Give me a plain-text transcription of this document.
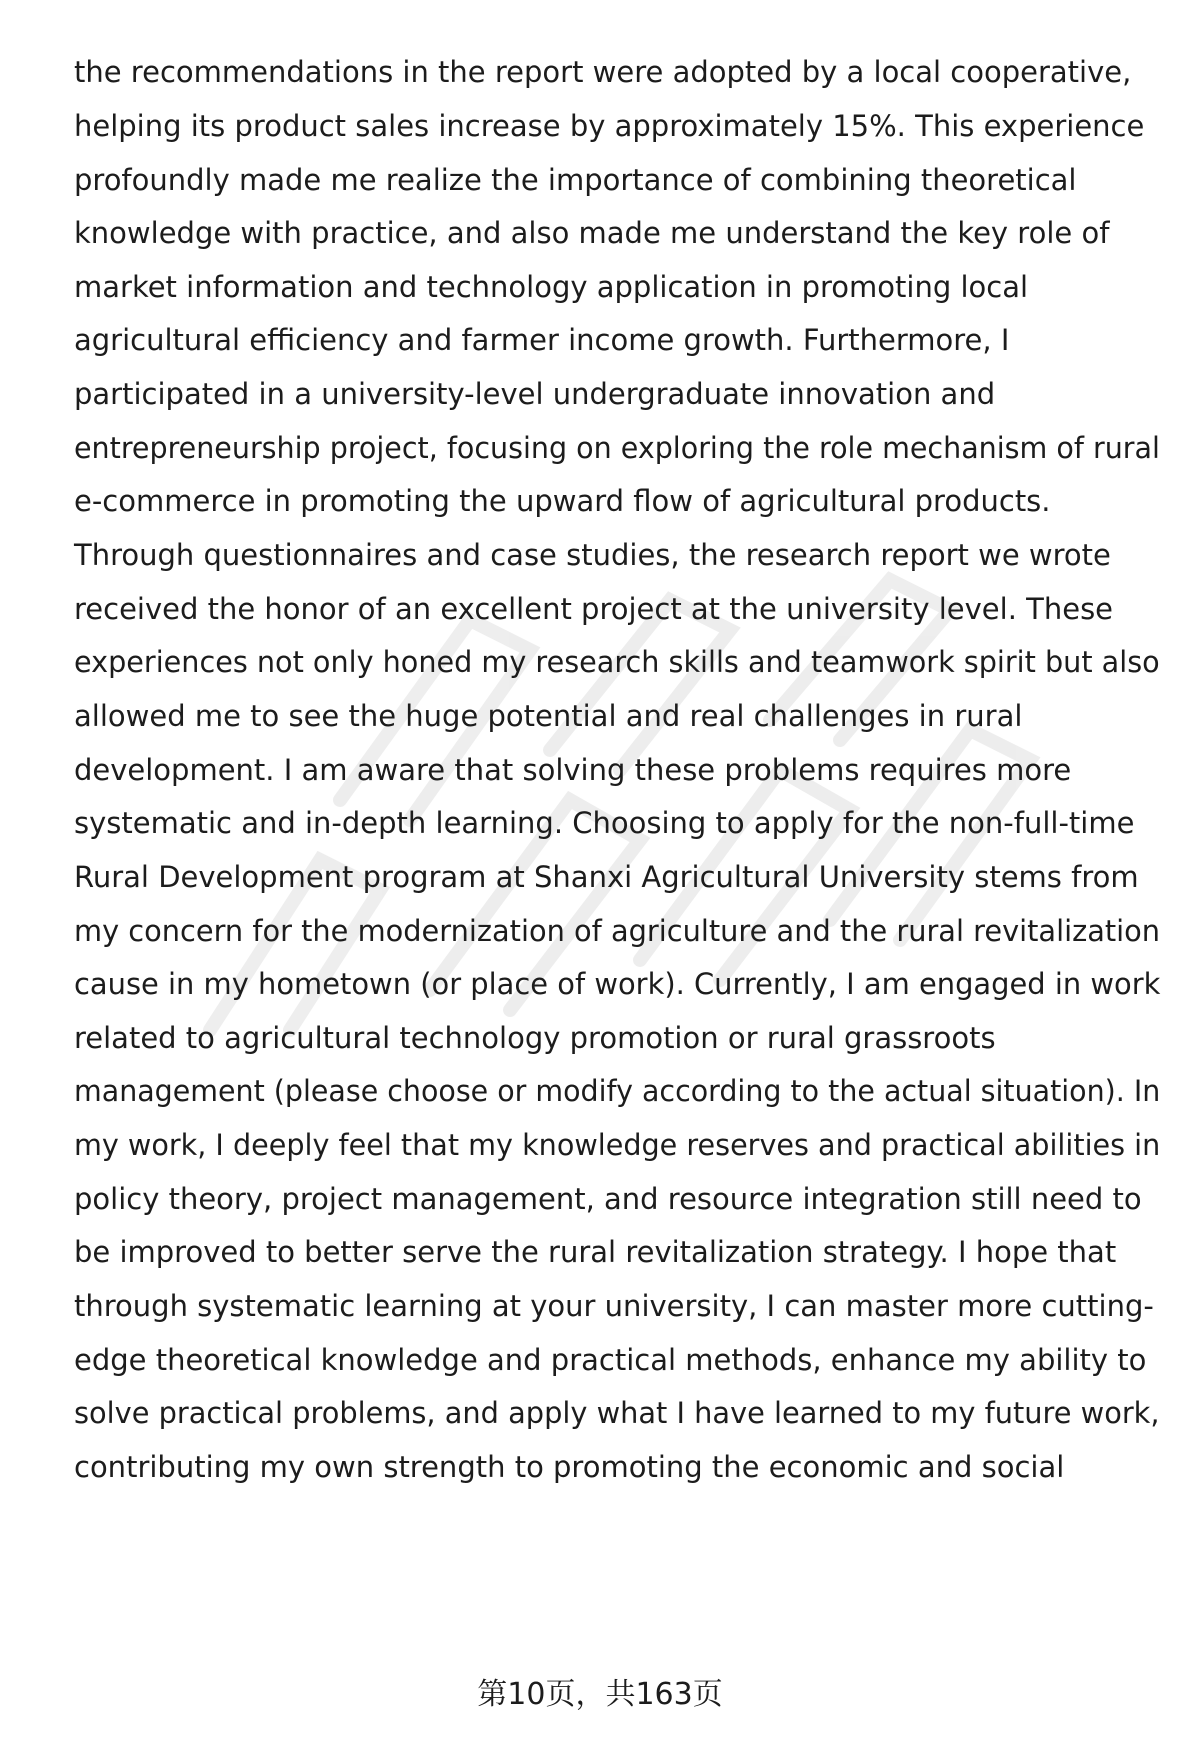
the recommendations in the report were adopted by a local cooperative,

helping its product sales increase by approximately 15%. This experience

profoundly made me realize the importance of combining theoretical

knowledge with practice, and also made me understand the key role of

market information and technology application in promoting local

agricultural efficiency and farmer income growth. Furthermore, I

participated in a university-level undergraduate innovation and

entrepreneurship project, focusing on exploring the role mechanism of rural

e-commerce in promoting the upward flow of agricultural products.

Through questionnaires and case studies, the research report we wrote

received the honor of an excellent project at the university level. These

experiences not only honed my research skills and teamwork spirit but also

allowed me to see the huge potential and real challenges in rural

development. I am aware that solving these problems requires more

systematic and in-depth learning. Choosing to apply for the non-full-time

Rural Development program at Shanxi Agricultural University stems from

my concern for the modernization of agriculture and the rural revitalization

cause in my hometown (or place of work). Currently, I am engaged in work

related to agricultural technology promotion or rural grassroots

management (please choose or modify according to the actual situation). In

my work, I deeply feel that my knowledge reserves and practical abilities in

policy theory, project management, and resource integration still need to

be improved to better serve the rural revitalization strategy. I hope that

through systematic learning at your university, I can master more cutting-

edge theoretical knowledge and practical methods, enhance my ability to

solve practical problems, and apply what I have learned to my future work,

contributing my own strength to promoting the economic and social

第10页，共163页
